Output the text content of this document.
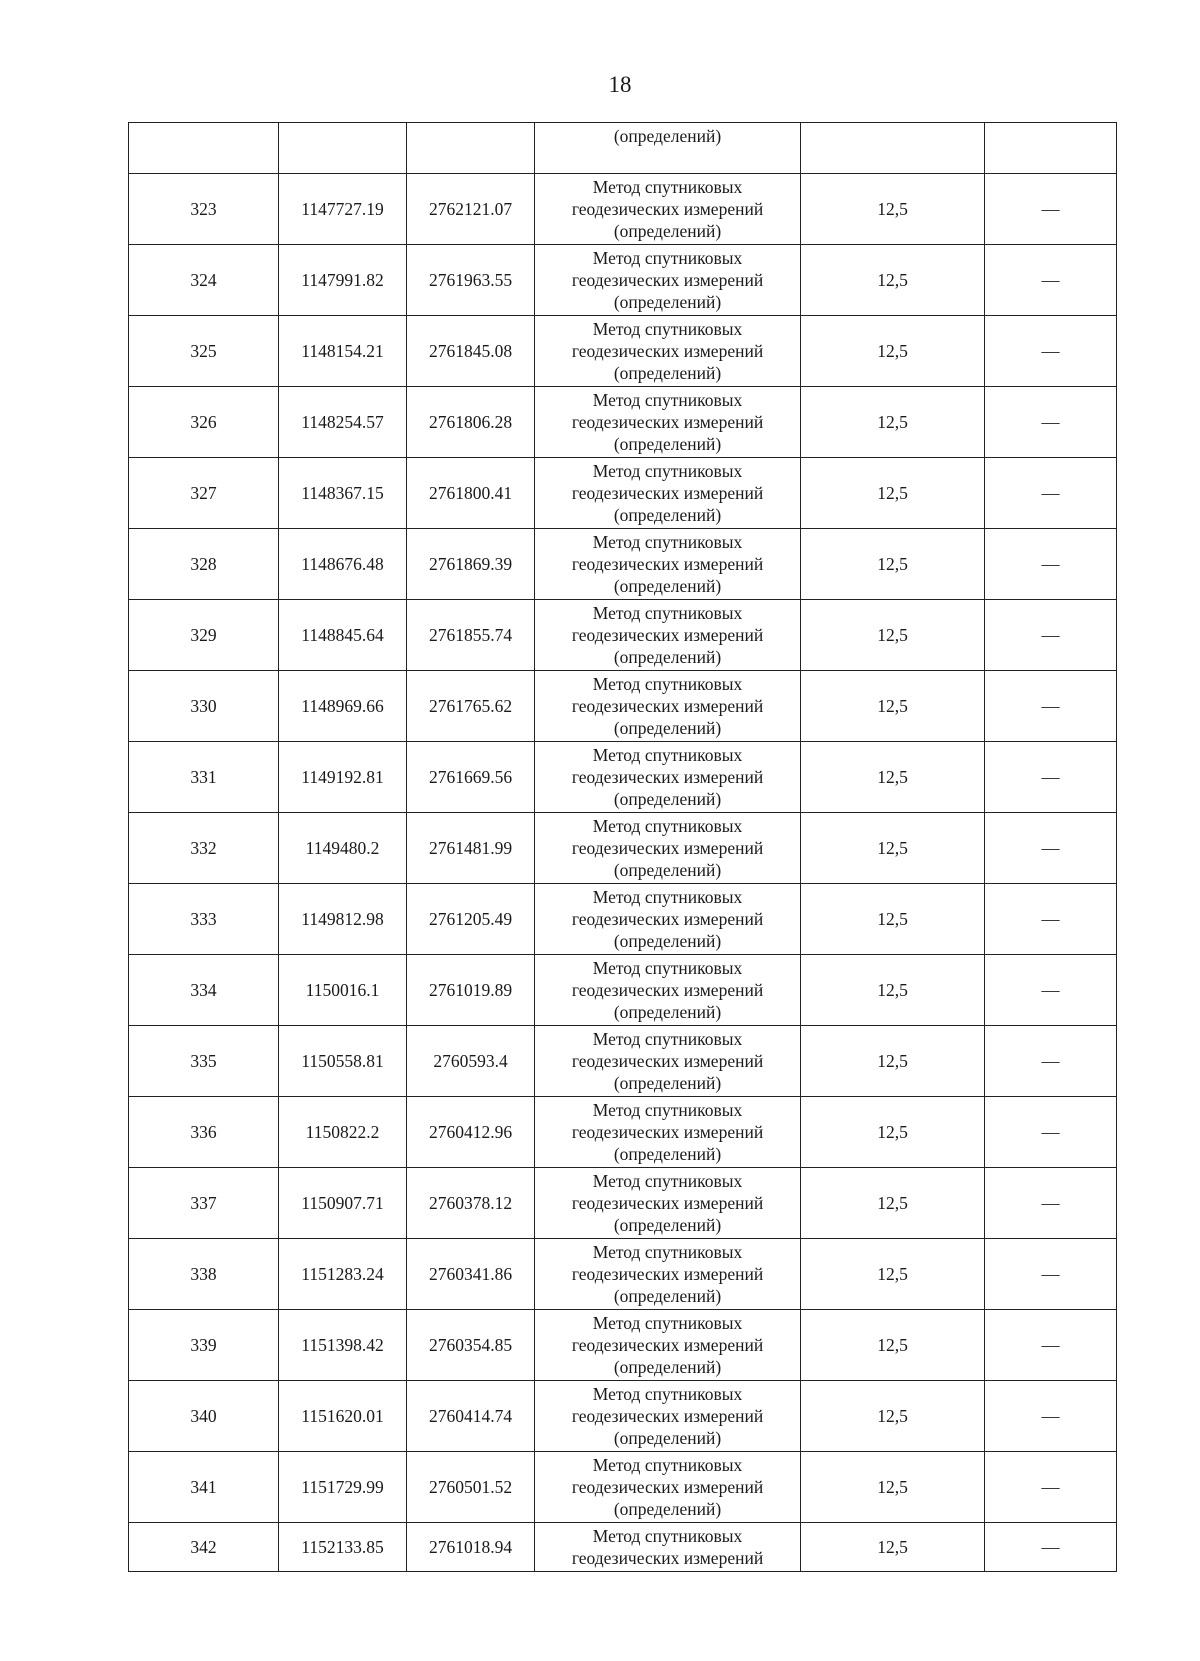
18

			(определений)		

323	1147727.19	2762121.07	Метод спутниковых
геодезических измерений
(определений)	12,5	—
324	1147991.82	2761963.55	Метод спутниковых
геодезических измерений
(определений)	12,5	—
325	1148154.21	2761845.08	Метод спутниковых
геодезических измерений
(определений)	12,5	—
326	1148254.57	2761806.28	Метод спутниковых
геодезических измерений
(определений)	12,5	—
327	1148367.15	2761800.41	Метод спутниковых
геодезических измерений
(определений)	12,5	—
328	1148676.48	2761869.39	Метод спутниковых
геодезических измерений
(определений)	12,5	—
329	1148845.64	2761855.74	Метод спутниковых
геодезических измерений
(определений)	12,5	—
330	1148969.66	2761765.62	Метод спутниковых
геодезических измерений
(определений)	12,5	—
331	1149192.81	2761669.56	Метод спутниковых
геодезических измерений
(определений)	12,5	—
332	1149480.2	2761481.99	Метод спутниковых
геодезических измерений
(определений)	12,5	—
333	1149812.98	2761205.49	Метод спутниковых
геодезических измерений
(определений)	12,5	—
334	1150016.1	2761019.89	Метод спутниковых
геодезических измерений
(определений)	12,5	—
335	1150558.81	2760593.4	Метод спутниковых
геодезических измерений
(определений)	12,5	—
336	1150822.2	2760412.96	Метод спутниковых
геодезических измерений
(определений)	12,5	—
337	1150907.71	2760378.12	Метод спутниковых
геодезических измерений
(определений)	12,5	—
338	1151283.24	2760341.86	Метод спутниковых
геодезических измерений
(определений)	12,5	—
339	1151398.42	2760354.85	Метод спутниковых
геодезических измерений
(определений)	12,5	—
340	1151620.01	2760414.74	Метод спутниковых
геодезических измерений
(определений)	12,5	—
341	1151729.99	2760501.52	Метод спутниковых
геодезических измерений
(определений)	12,5	—
342	1152133.85	2761018.94	Метод спутниковых
геодезических измерений	12,5	—
